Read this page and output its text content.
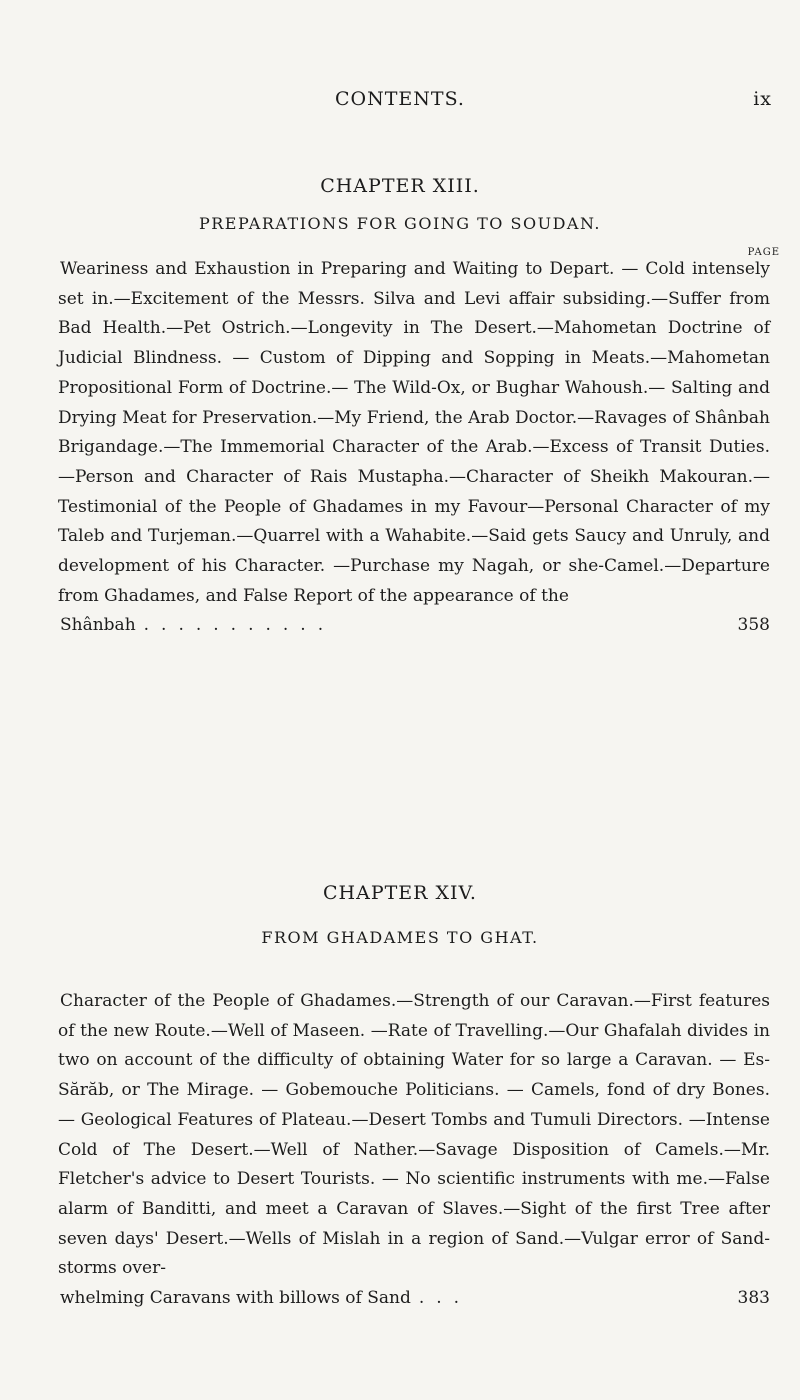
CONTENTS.	ix
CHAPTER XIII.
PREPARATIONS FOR GOING TO SOUDAN.
PAGE
Weariness and Exhaustion in Preparing and Waiting to Depart. — Cold intensely set in.—Excitement of the Messrs. Silva and Levi affair subsiding.—Suffer from Bad Health.—Pet Ostrich.—Longevity in The Desert.—Mahometan Doctrine of Judicial Blindness. — Custom of Dipping and Sopping in Meats.—Mahometan Propositional Form of Doctrine.— The Wild-Ox, or Bughar Wahoush.— Salting and Drying Meat for Preservation.—My Friend, the Arab Doctor.—Ravages of Shânbah Brigandage.—The Immemorial Character of the Arab.—Excess of Transit Duties.—Person and Character of Rais Mustapha.—Character of Sheikh Makouran.—Testimonial of the People of Ghadames in my Favour—Personal Character of my Taleb and Turjeman.—Quarrel with a Wahabite.—Said gets Saucy and Unruly, and development of his Character. —Purchase my Nagah, or she-Camel.—Departure from Ghadames, and False Report of the appearance of the
Shânbah ...........	358
CHAPTER XIV.
FROM GHADAMES TO GHAT.
Character of the People of Ghadames.—Strength of our Caravan.—First features of the new Route.—Well of Maseen. —Rate of Travelling.—Our Ghafalah divides in two on account of the difficulty of obtaining Water for so large a Caravan. — Es-Sărăb, or The Mirage. — Gobemouche Politicians. — Camels, fond of dry Bones. — Geological Features of Plateau.—Desert Tombs and Tumuli Directors. —Intense Cold of The Desert.—Well of Nather.—Savage Disposition of Camels.—Mr. Fletcher's advice to Desert Tourists. — No scientific instruments with me.—False alarm of Banditti, and meet a Caravan of Slaves.—Sight of the first Tree after seven days' Desert.—Wells of Mislah in a region of Sand.—Vulgar error of Sand-storms over-
whelming Caravans with billows of Sand ...	383
